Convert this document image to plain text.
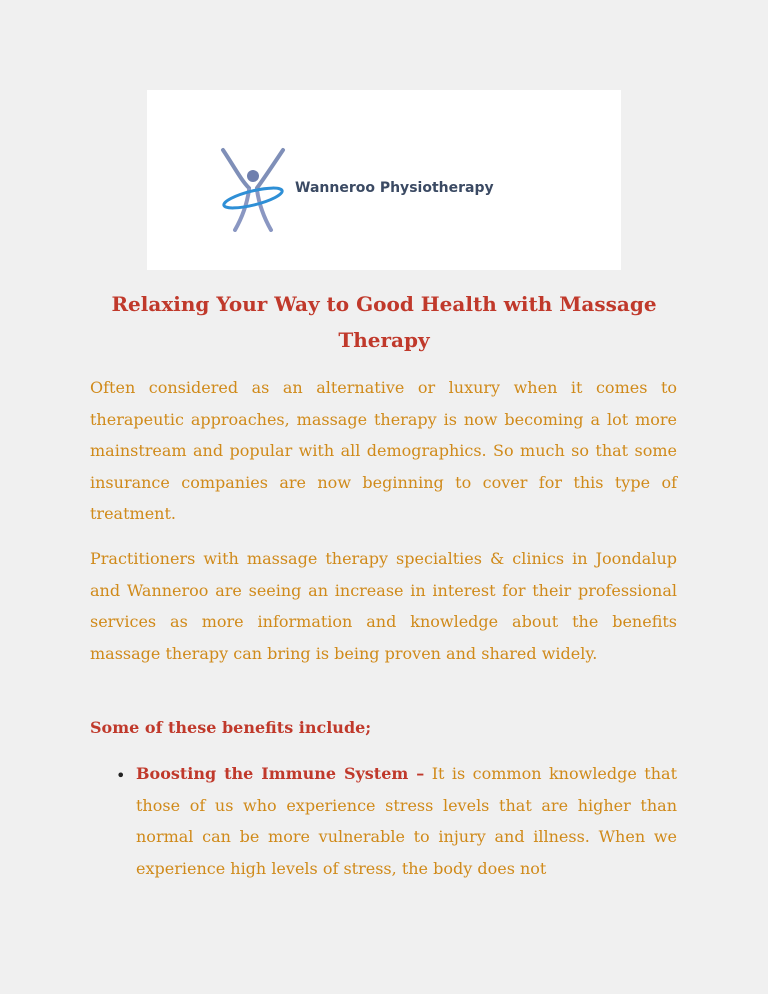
Wanneroo Physiotherapy
Relaxing Your Way to Good Health with Massage Therapy

Often considered as an alternative or luxury when it comes to therapeutic approaches, massage therapy is now becoming a lot more mainstream and popular with all demographics. So much so that some insurance companies are now beginning to cover for this type of treatment.

Practitioners with massage therapy specialties & clinics in Joondalup and Wanneroo are seeing an increase in interest for their professional services as more information and knowledge about the benefits massage therapy can bring is being proven and shared widely.

Some of these benefits include;

• Boosting the Immune System – It is common knowledge that those of us who experience stress levels that are higher than normal can be more vulnerable to injury and illness. When we experience high levels of stress, the body does not
